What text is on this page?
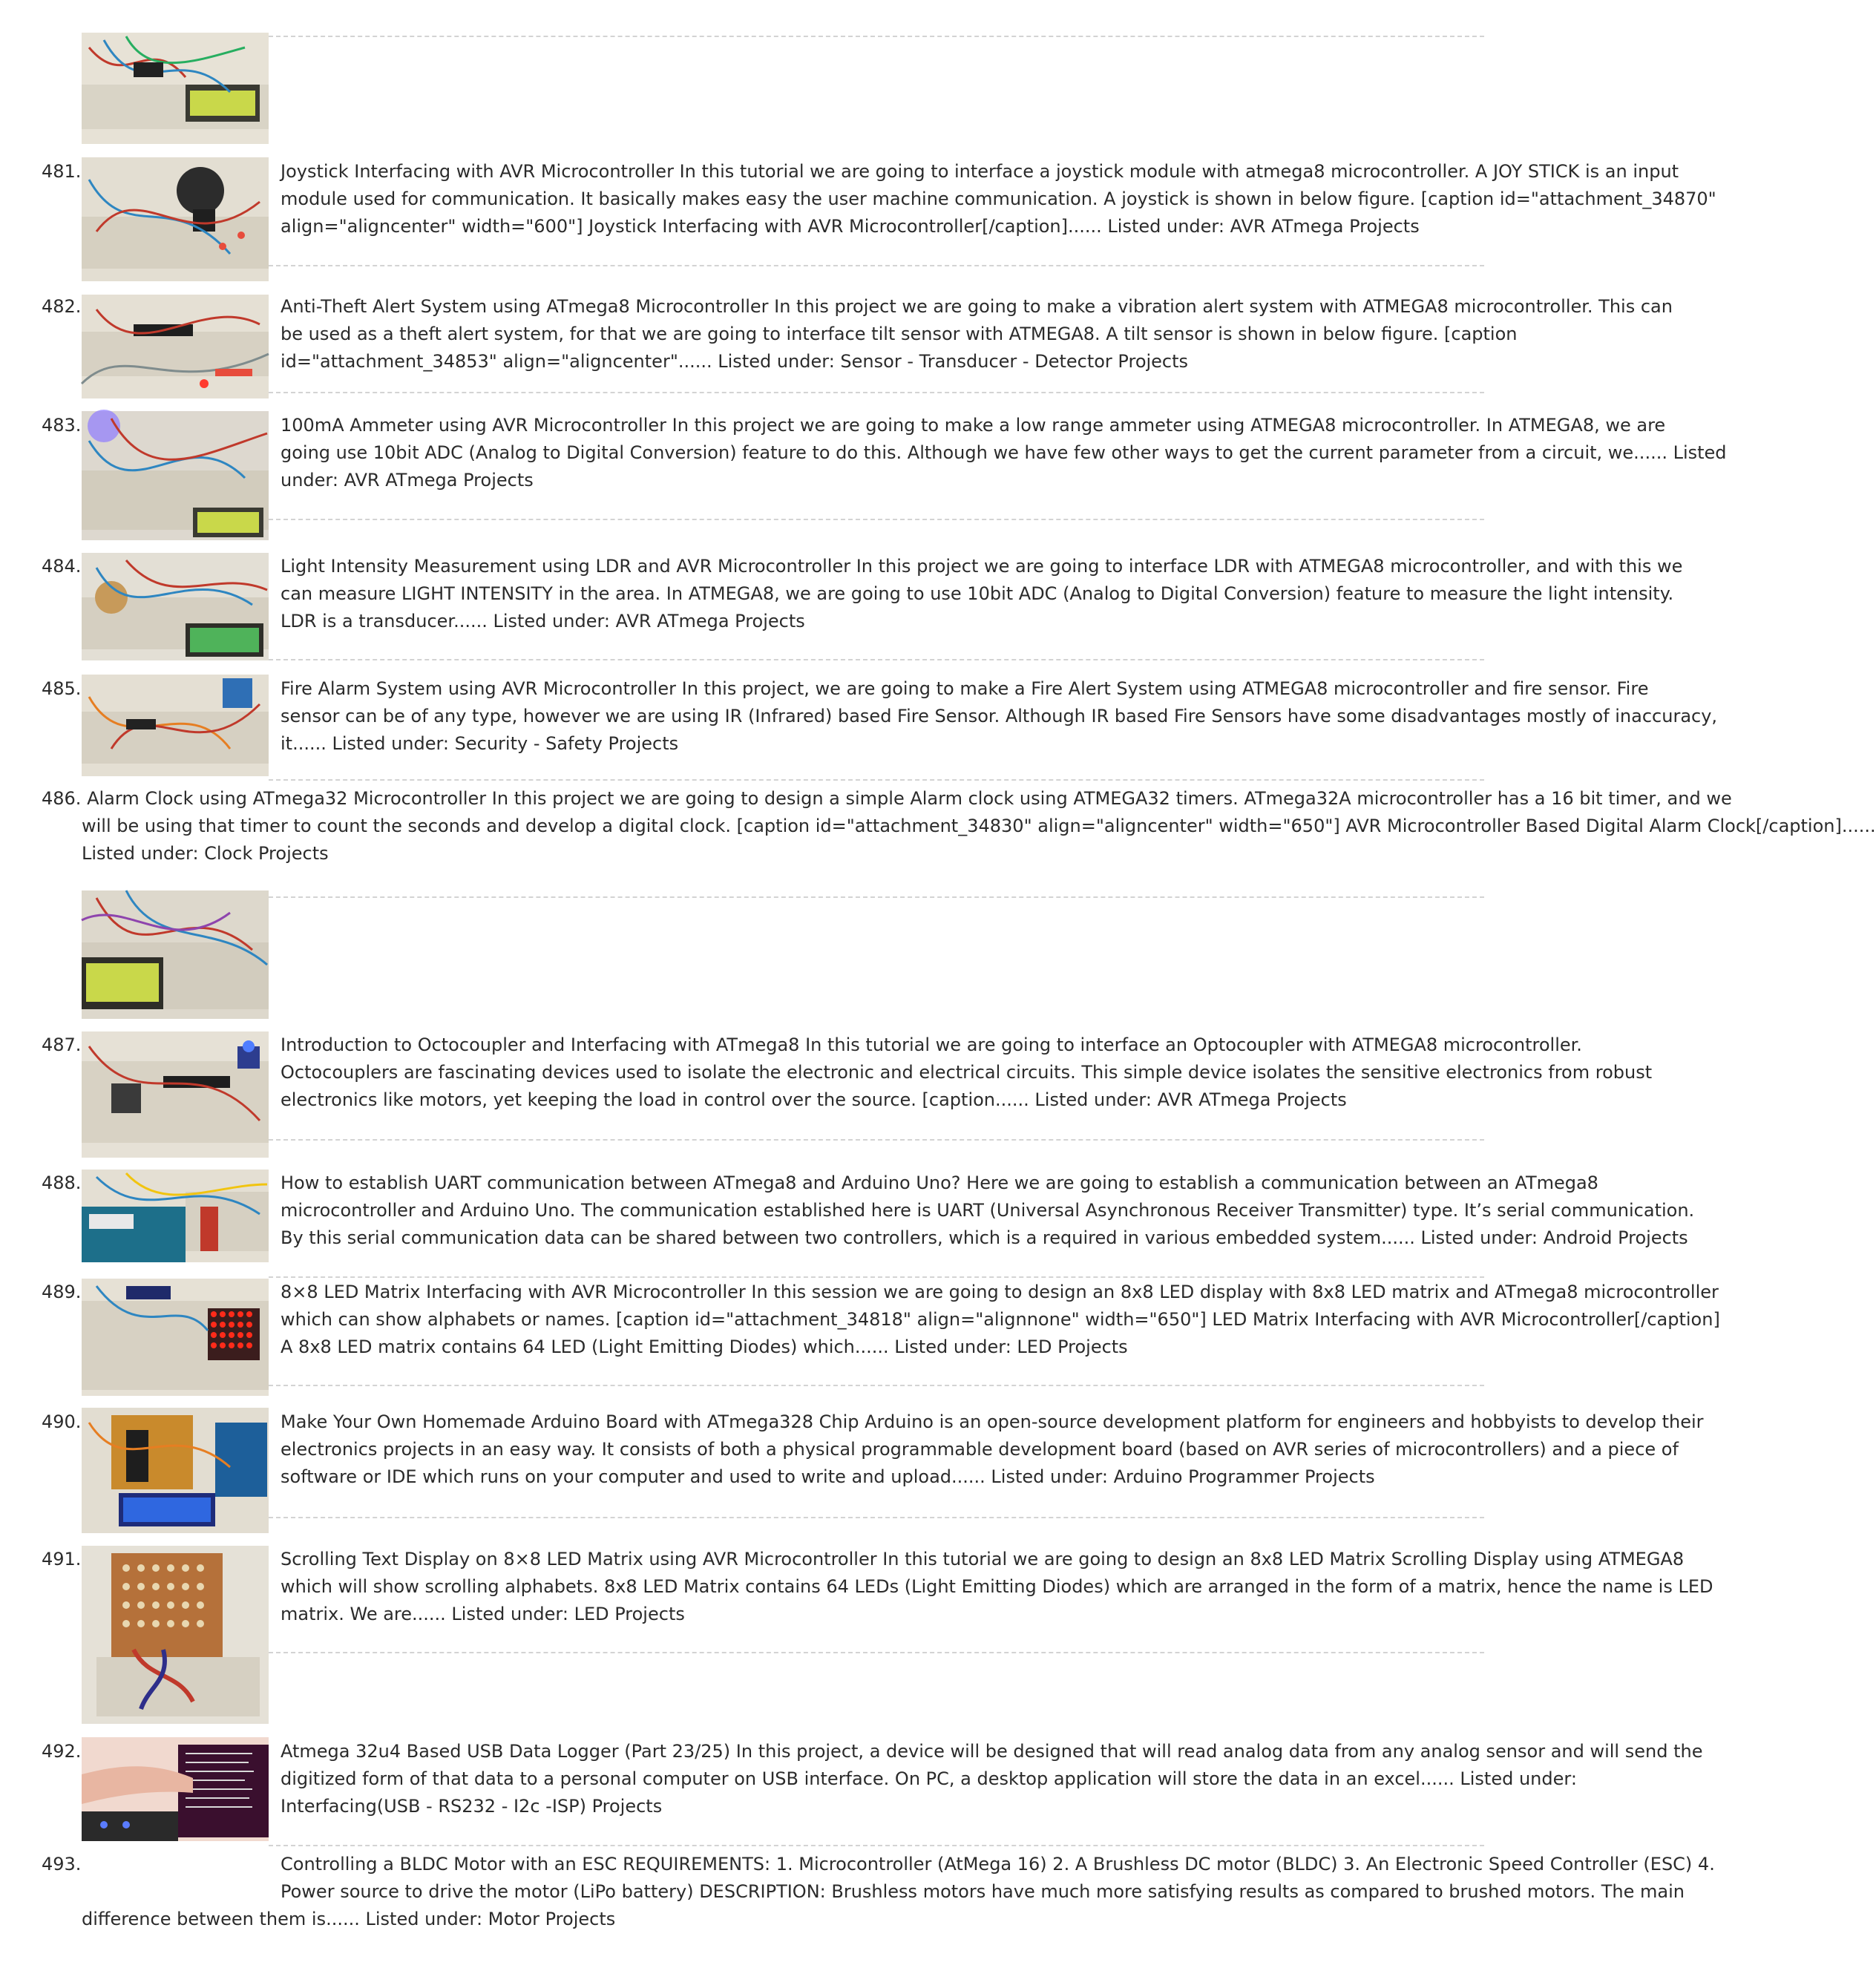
481.	Joystick Interfacing with AVR Microcontroller In this tutorial we are going to interface a joystick module with atmega8 microcontroller. A JOY STICK is an input
module used for communication. It basically makes easy the user machine communication. A joystick is shown in below figure. [caption id="attachment_34870"
align="aligncenter" width="600"] Joystick Interfacing with AVR Microcontroller[/caption]...... Listed under: AVR ATmega Projects
482.	Anti-Theft Alert System using ATmega8 Microcontroller In this project we are going to make a vibration alert system with ATMEGA8 microcontroller. This can
be used as a theft alert system, for that we are going to interface tilt sensor with ATMEGA8. A tilt sensor is shown in below figure. [caption
id="attachment_34853" align="aligncenter"...... Listed under: Sensor - Transducer - Detector Projects
483.	100mA Ammeter using AVR Microcontroller In this project we are going to make a low range ammeter using ATMEGA8 microcontroller. In ATMEGA8, we are
going use 10bit ADC (Analog to Digital Conversion) feature to do this. Although we have few other ways to get the current parameter from a circuit, we...... Listed
under: AVR ATmega Projects
484.	Light Intensity Measurement using LDR and AVR Microcontroller In this project we are going to interface LDR with ATMEGA8 microcontroller, and with this we
can measure LIGHT INTENSITY in the area. In ATMEGA8, we are going to use 10bit ADC (Analog to Digital Conversion) feature to measure the light intensity.
LDR is a transducer...... Listed under: AVR ATmega Projects
485.	Fire Alarm System using AVR Microcontroller In this project, we are going to make a Fire Alert System using ATMEGA8 microcontroller and fire sensor. Fire
sensor can be of any type, however we are using IR (Infrared) based Fire Sensor. Although IR based Fire Sensors have some disadvantages mostly of inaccuracy,
it...... Listed under: Security - Safety Projects
486. Alarm Clock using ATmega32 Microcontroller In this project we are going to design a simple Alarm clock using ATMEGA32 timers. ATmega32A microcontroller has a 16 bit timer, and we
will be using that timer to count the seconds and develop a digital clock. [caption id="attachment_34830" align="aligncenter" width="650"] AVR Microcontroller Based Digital Alarm Clock[/caption]......
Listed under: Clock Projects
487.	Introduction to Octocoupler and Interfacing with ATmega8 In this tutorial we are going to interface an Optocoupler with ATMEGA8 microcontroller.
Octocouplers are fascinating devices used to isolate the electronic and electrical circuits. This simple device isolates the sensitive electronics from robust
electronics like motors, yet keeping the load in control over the source. [caption...... Listed under: AVR ATmega Projects
488.	How to establish UART communication between ATmega8 and Arduino Uno? Here we are going to establish a communication between an ATmega8
microcontroller and Arduino Uno. The communication established here is UART (Universal Asynchronous Receiver Transmitter) type. It’s serial communication.
By this serial communication data can be shared between two controllers, which is a required in various embedded system...... Listed under: Android Projects
489.	8×8 LED Matrix Interfacing with AVR Microcontroller In this session we are going to design an 8x8 LED display with 8x8 LED matrix and ATmega8 microcontroller
which can show alphabets or names. [caption id="attachment_34818" align="alignnone" width="650"] LED Matrix Interfacing with AVR Microcontroller[/caption]
A 8x8 LED matrix contains 64 LED (Light Emitting Diodes) which...... Listed under: LED Projects
490.	Make Your Own Homemade Arduino Board with ATmega328 Chip Arduino is an open-source development platform for engineers and hobbyists to develop their
electronics projects in an easy way. It consists of both a physical programmable development board (based on AVR series of microcontrollers) and a piece of
software or IDE which runs on your computer and used to write and upload...... Listed under: Arduino Programmer Projects
491.	Scrolling Text Display on 8×8 LED Matrix using AVR Microcontroller In this tutorial we are going to design an 8x8 LED Matrix Scrolling Display using ATMEGA8
which will show scrolling alphabets. 8x8 LED Matrix contains 64 LEDs (Light Emitting Diodes) which are arranged in the form of a matrix, hence the name is LED
matrix. We are...... Listed under: LED Projects
492.	Atmega 32u4 Based USB Data Logger (Part 23/25) In this project, a device will be designed that will read analog data from any analog sensor and will send the
digitized form of that data to a personal computer on USB interface. On PC, a desktop application will store the data in an excel...... Listed under:
Interfacing(USB - RS232 - I2c -ISP) Projects
493.	Controlling a BLDC Motor with an ESC REQUIREMENTS: 1. Microcontroller (AtMega 16) 2. A Brushless DC motor (BLDC) 3. An Electronic Speed Controller (ESC) 4.
Power source to drive the motor (LiPo battery) DESCRIPTION: Brushless motors have much more satisfying results as compared to brushed motors. The main
difference between them is...... Listed under: Motor Projects
